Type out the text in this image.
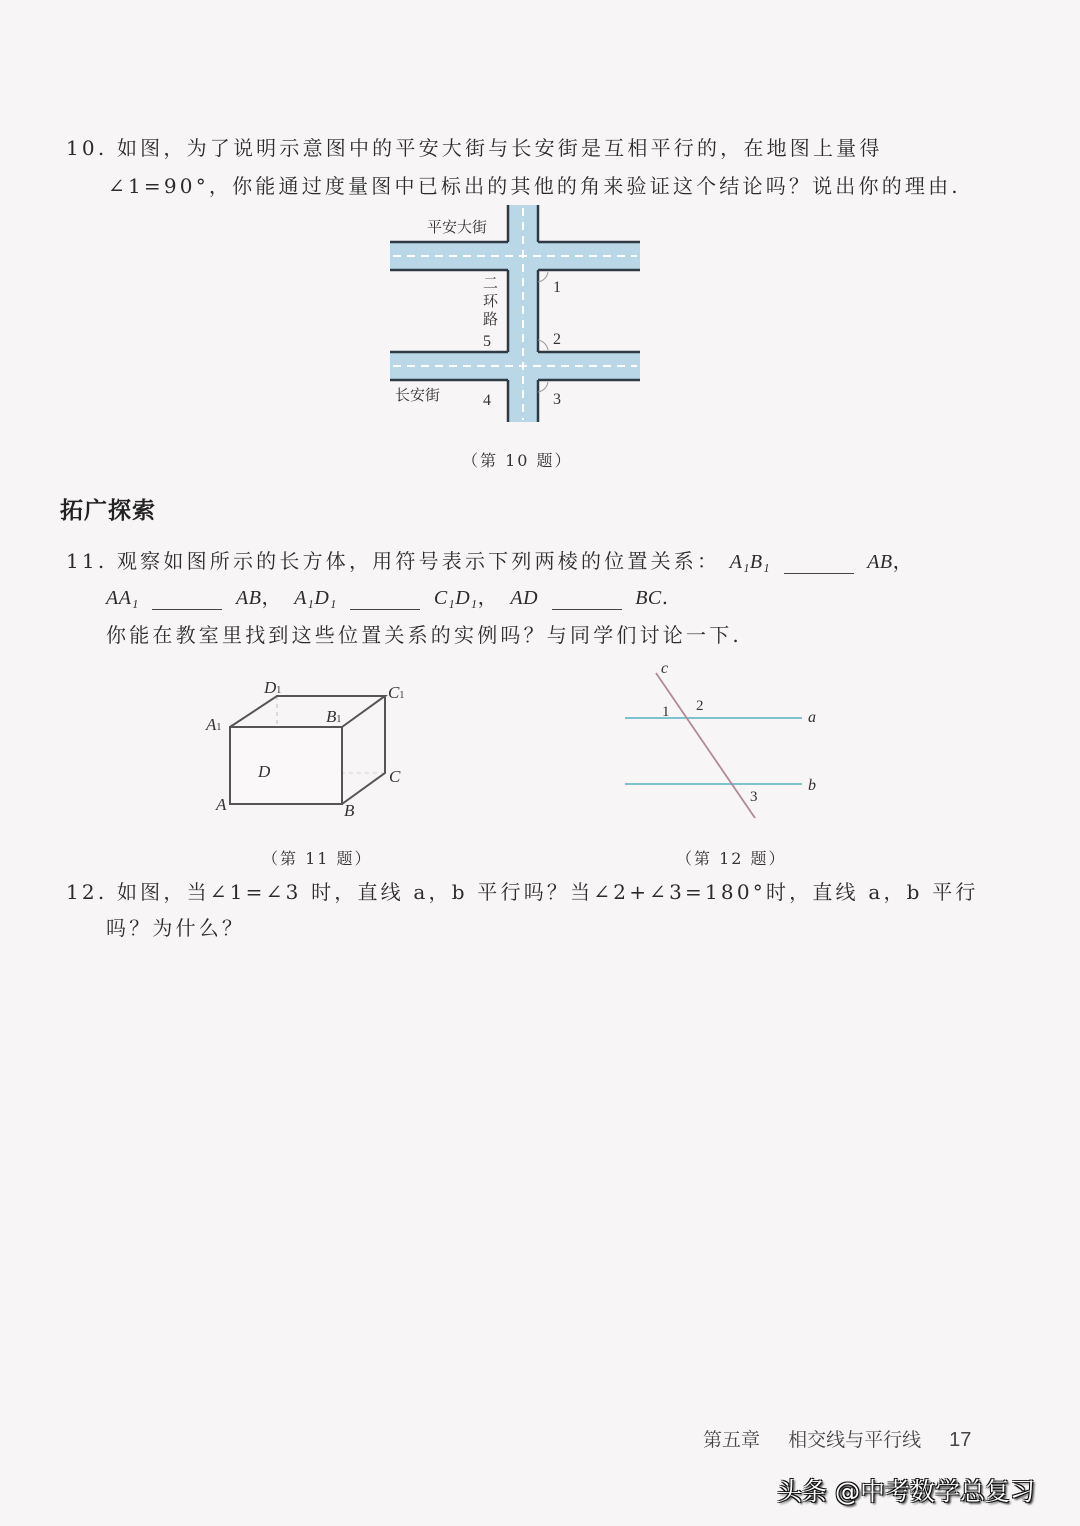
10. 如图，为了说明示意图中的平安大街与长安街是互相平行的，在地图上量得
∠1=90°，你能通过度量图中已标出的其他的角来验证这个结论吗？说出你的理由.
平安大街
长安街
二
环
路
1
2
3
4
5
（第 10 题）
拓广探索
11. 观察如图所示的长方体，用符号表示下列两棱的位置关系： A₁B₁	AB，
AA₁	AB， A₁D₁	C₁D₁， AD	BC.
你能在教室里找到这些位置关系的实例吗？与同学们讨论一下.
D1	C1
A1
B1
D	C
A	B
（第 11 题）
c
1 2
3
a
b
（第 12 题）
12. 如图，当∠1=∠3 时，直线 a，b 平行吗？当∠2+∠3=180°时，直线 a，b 平行
吗？为什么？
第五章 相交线与平行线 17
头条 @中考数学总复习
